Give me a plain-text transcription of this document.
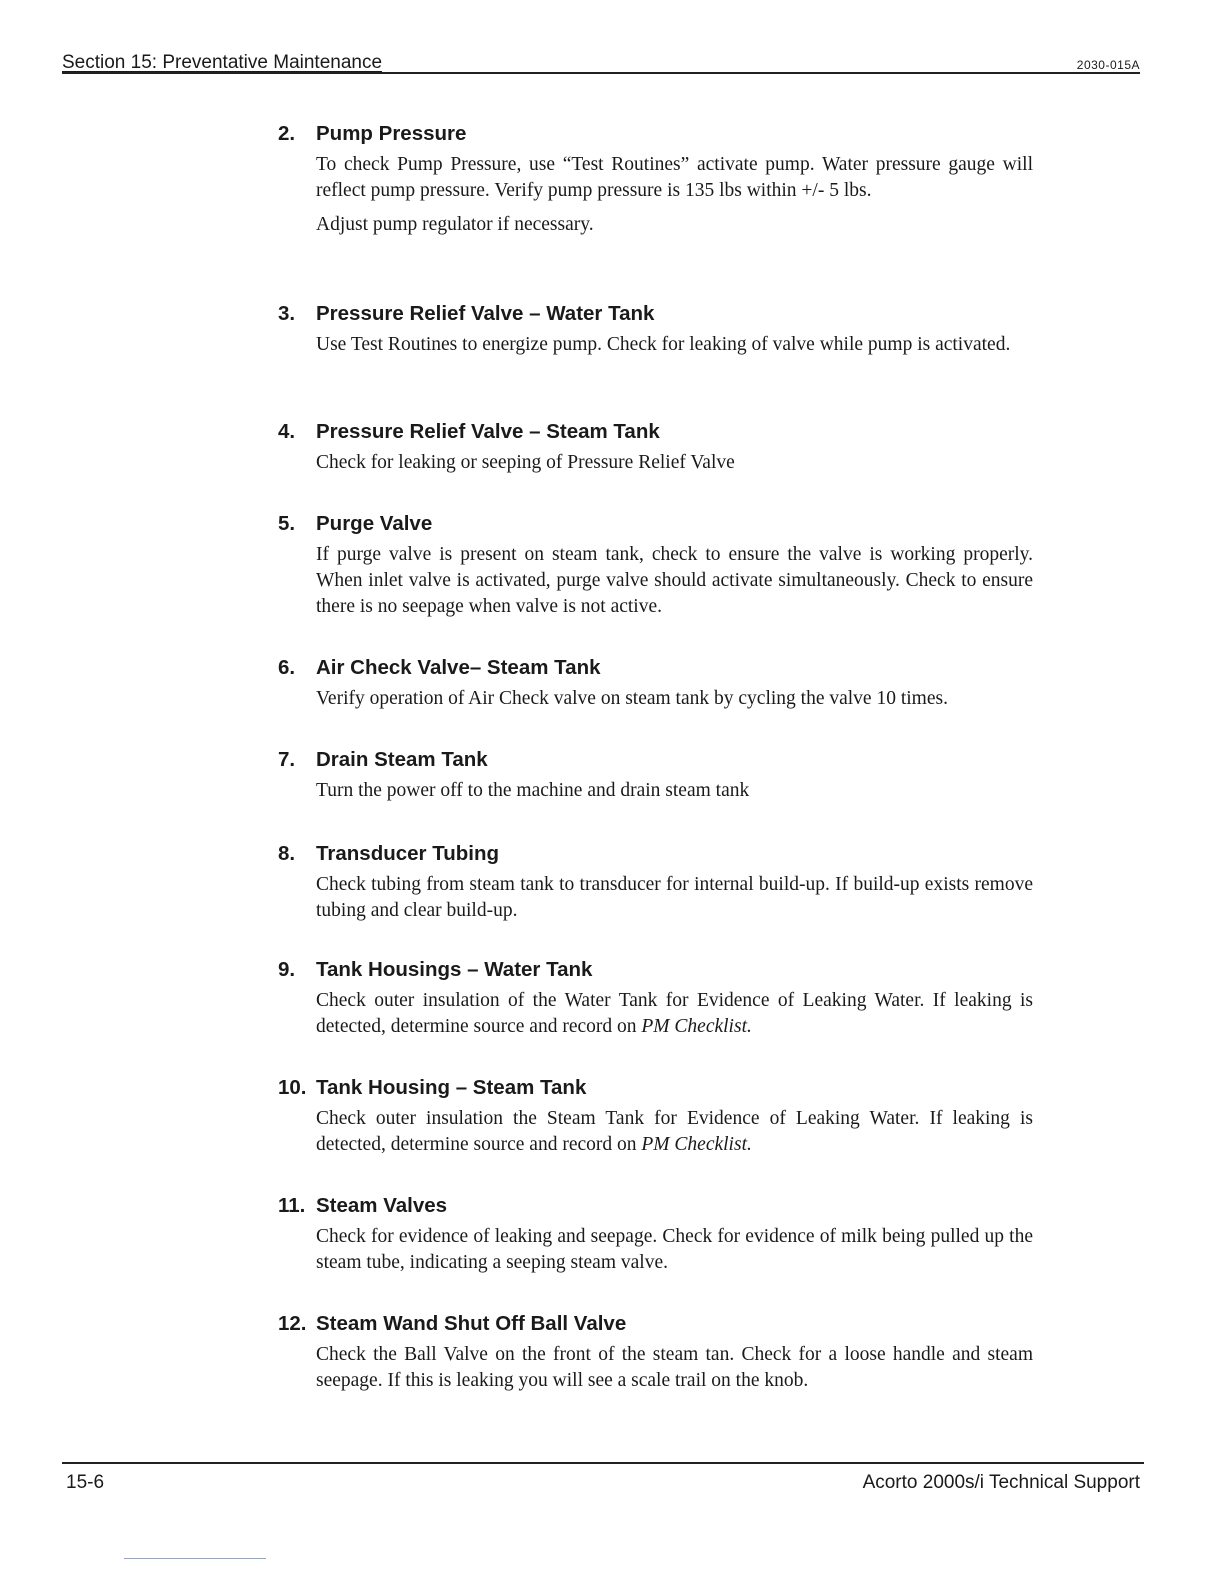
Section 15: Preventative Maintenance	2030-015A
2.	Pump Pressure

To check Pump Pressure, use “Test Routines” activate pump. Water pressure gauge will reflect pump pressure. Verify pump pressure is 135 lbs within +/- 5 lbs.

Adjust pump regulator if necessary.

3.	Pressure Relief Valve – Water Tank

Use Test Routines to energize pump. Check for leaking of valve while pump is activated.

4.	Pressure Relief Valve – Steam Tank

Check for leaking or seeping of Pressure Relief Valve

5.	Purge Valve

If purge valve is present on steam tank, check to ensure the valve is working properly. When inlet valve is activated, purge valve should activate simultaneously. Check to ensure there is no seepage when valve is not active.

6.	Air Check Valve– Steam Tank

Verify operation of Air Check valve on steam tank by cycling the valve 10 times.

7.	Drain Steam Tank

Turn the power off to the machine and drain steam tank

8.	Transducer Tubing

Check tubing from steam tank to transducer for internal build-up. If build-up exists remove tubing and clear build-up.

9.	Tank Housings – Water Tank

Check outer insulation of the Water Tank for Evidence of Leaking Water. If leaking is detected, determine source and record on PM Checklist.

10. Tank Housing – Steam Tank

Check outer insulation the Steam Tank for Evidence of Leaking Water. If leaking is detected, determine source and record on PM Checklist.

11. Steam Valves

Check for evidence of leaking and seepage. Check for evidence of milk being pulled up the steam tube, indicating a seeping steam valve.

12. Steam Wand Shut Off Ball Valve

Check the Ball Valve on the front of the steam tan. Check for a loose handle and steam seepage. If this is leaking you will see a scale trail on the knob.

15-6	Acorto 2000s/i Technical Support
